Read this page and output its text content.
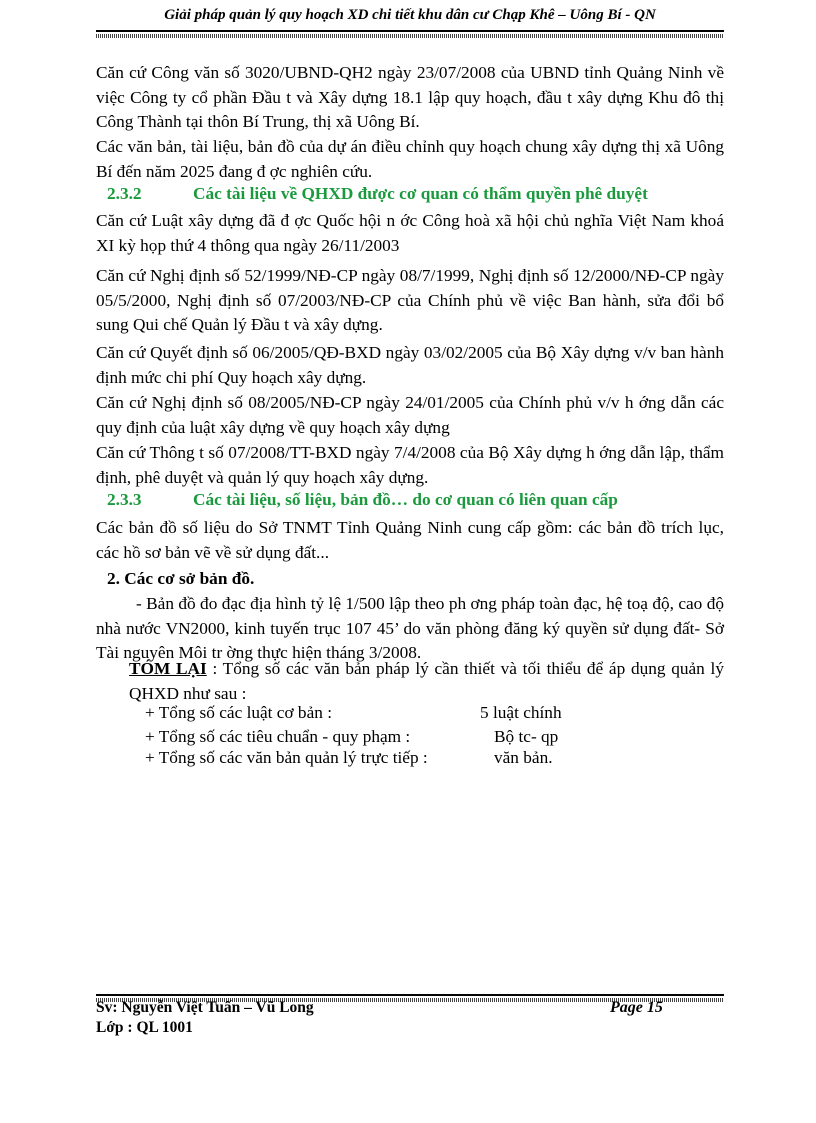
Giải pháp quản lý quy hoạch XD chi tiết khu dân cư Chạp Khê – Uông Bí - QN

Căn cứ Công văn số 3020/UBND-QH2 ngày 23/07/2008 của UBND tỉnh Quảng Ninh về việc Công ty cổ phần Đầu t và Xây dựng 18.1 lập quy hoạch, đầu t xây dựng Khu đô thị Công Thành tại thôn Bí Trung, thị xã Uông Bí.

Các văn bản, tài liệu, bản đồ của dự án điều chỉnh quy hoạch chung xây dựng thị xã Uông Bí đến năm 2025 đang đ ợc nghiên cứu.

2.3.2	Các tài liệu về QHXD được cơ quan có thẩm quyền phê duyệt

Căn cứ Luật xây dựng đã đ ợc Quốc hội n ớc Công hoà xã hội chủ nghĩa Việt Nam khoá XI kỳ họp thứ 4 thông qua ngày 26/11/2003

Căn cứ Nghị định số 52/1999/NĐ-CP ngày 08/7/1999, Nghị định số 12/2000/NĐ-CP ngày 05/5/2000, Nghị định số 07/2003/NĐ-CP của Chính phủ về việc Ban hành, sửa đổi bổ sung Qui chế Quản lý Đầu t và xây dựng.

Căn cứ Quyết định số 06/2005/QĐ-BXD ngày 03/02/2005 của Bộ Xây dựng v/v ban hành định mức chi phí Quy hoạch xây dựng.

Căn cứ Nghị định số 08/2005/NĐ-CP ngày 24/01/2005 của Chính phủ v/v h ớng dẫn các quy định của luật xây dựng về quy hoạch xây dựng

Căn cứ Thông t số 07/2008/TT-BXD ngày 7/4/2008 của Bộ Xây dựng h ớng dẫn lập, thẩm định, phê duyệt và quản lý quy hoạch xây dựng.

2.3.3	Các tài liệu, số liệu, bản đồ… do cơ quan có liên quan cấp

Các bản đồ số liệu do Sở TNMT Tỉnh Quảng Ninh cung cấp gồm: các bản đồ trích lục, các hồ sơ bản vẽ về sử dụng đất...

2. Các cơ sở bản đồ.

- Bản đồ đo đạc địa hình tỷ lệ 1/500 lập theo ph ơng pháp toàn đạc, hệ toạ độ, cao độ nhà nước VN2000, kinh tuyến trục 107 45’ do văn phòng đăng ký quyền sử dụng đất- Sở Tài nguyên Môi tr ờng thực hiện tháng 3/2008.

TÓM LẠI : Tổng số các văn bản pháp lý cần thiết và tối thiểu để áp dụng quản lý QHXD như sau :

+ Tổng số các luật cơ bản :	5 luật chính
+ Tổng số các tiêu chuẩn - quy phạm :	Bộ tc- qp
+ Tổng số các văn bản quản lý trực tiếp :	văn bản.
Sv: Nguyễn Việt Tuấn – Vũ Long
Lớp : QL 1001
Page 15
